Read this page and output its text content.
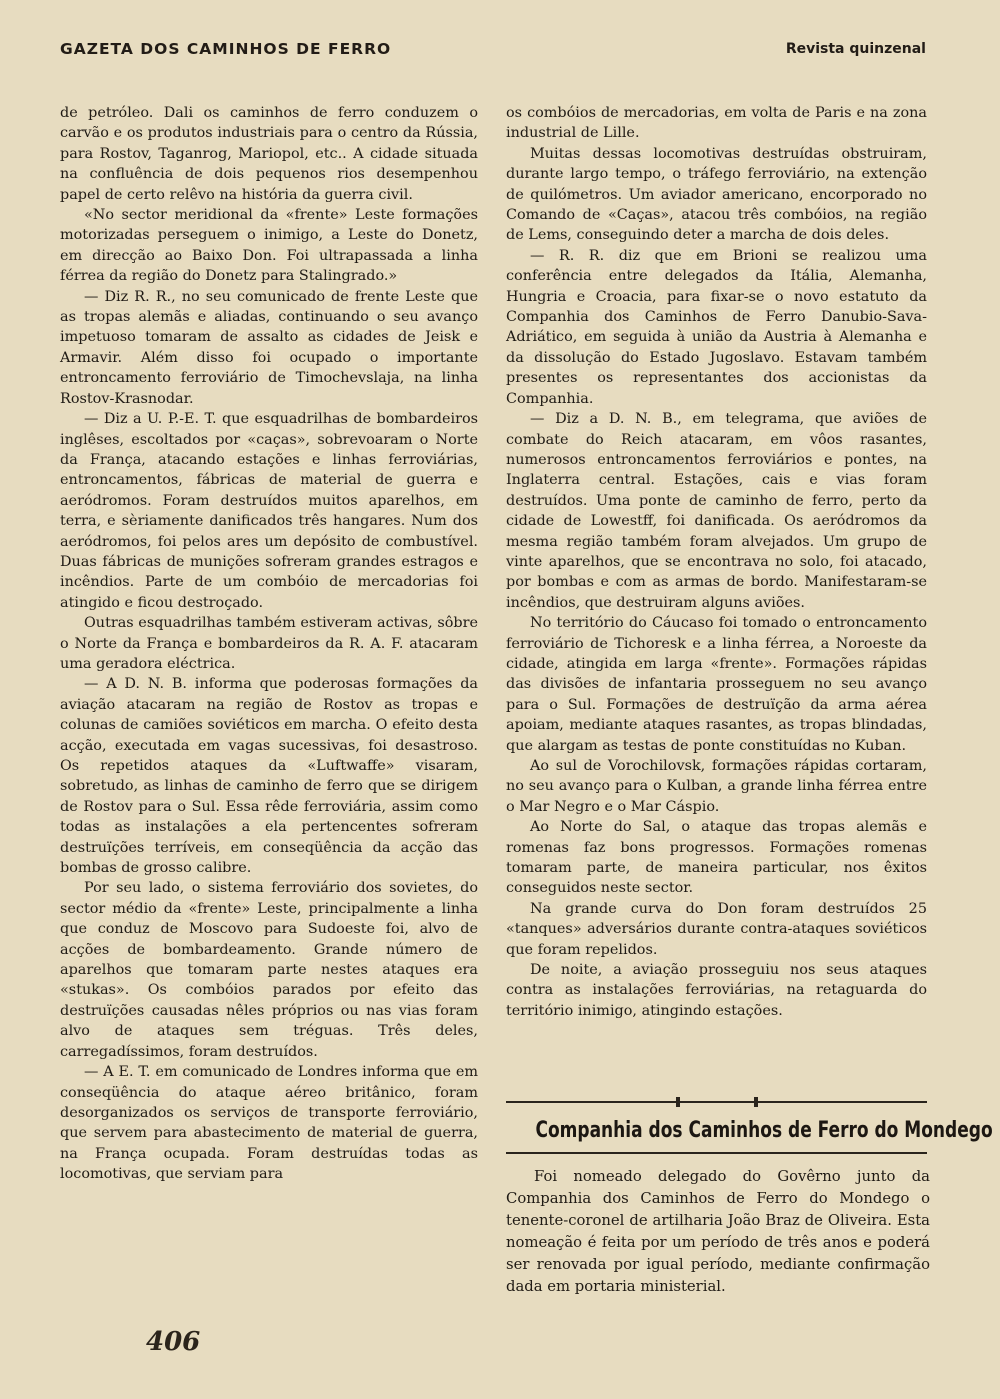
GAZETA DOS CAMINHOS DE FERRO	Revista quinzenal

de petróleo. Dali os caminhos de ferro conduzem o carvão e os produtos industriais para o centro da Rússia, para Rostov, Taganrog, Mariopol, etc.. A cidade situada na confluência de dois pequenos rios desempenhou papel de certo relêvo na história da guerra civil.

«No sector meridional da «frente» Leste formações motorizadas perseguem o inimigo, a Leste do Donetz, em direcção ao Baixo Don. Foi ultrapassada a linha férrea da região do Donetz para Stalingrado.»

— Diz R. R., no seu comunicado de frente Leste que as tropas alemãs e aliadas, continuando o seu avanço impetuoso tomaram de assalto as cidades de Jeisk e Armavir. Além disso foi ocupado o importante entroncamento ferroviário de Timochevslaja, na linha Rostov-Krasnodar.

— Diz a U. P.-E. T. que esquadrilhas de bombardeiros inglêses, escoltados por «caças», sobrevoaram o Norte da França, atacando estações e linhas ferroviárias, entroncamentos, fábricas de material de guerra e aeródromos. Foram destruídos muitos aparelhos, em terra, e sèriamente danificados três hangares. Num dos aeródromos, foi pelos ares um depósito de combustível. Duas fábricas de munições sofreram grandes estragos e incêndios. Parte de um combóio de mercadorias foi atingido e ficou destroçado.

Outras esquadrilhas também estiveram activas, sôbre o Norte da França e bombardeiros da R. A. F. atacaram uma geradora eléctrica.

— A D. N. B. informa que poderosas formações da aviação atacaram na região de Rostov as tropas e colunas de camiões soviéticos em marcha. O efeito desta acção, executada em vagas sucessivas, foi desastroso. Os repetidos ataques da «Luftwaffe» visaram, sobretudo, as linhas de caminho de ferro que se dirigem de Rostov para o Sul. Essa rêde ferroviária, assim como todas as instalações a ela pertencentes sofreram destruïções terríveis, em conseqüência da acção das bombas de grosso calibre.

Por seu lado, o sistema ferroviário dos sovietes, do sector médio da «frente» Leste, principalmente a linha que conduz de Moscovo para Sudoeste foi, alvo de acções de bombardeamento. Grande número de aparelhos que tomaram parte nestes ataques era «stukas». Os combóios parados por efeito das destruïções causadas nêles próprios ou nas vias foram alvo de ataques sem tréguas. Três deles, carregadíssimos, foram destruídos.

— A E. T. em comunicado de Londres informa que em conseqüência do ataque aéreo britânico, foram desorganizados os serviços de transporte ferroviário, que servem para abastecimento de material de guerra, na França ocupada. Foram destruídas todas as locomotivas, que serviam para

os combóios de mercadorias, em volta de Paris e na zona industrial de Lille.

Muitas dessas locomotivas destruídas obstruiram, durante largo tempo, o tráfego ferroviário, na extenção de quilómetros. Um aviador americano, encorporado no Comando de «Caças», atacou três combóios, na região de Lems, conseguindo deter a marcha de dois deles.

— R. R. diz que em Brioni se realizou uma conferência entre delegados da Itália, Alemanha, Hungria e Croacia, para fixar-se o novo estatuto da Companhia dos Caminhos de Ferro Danubio-Sava-Adriático, em seguida à união da Austria à Alemanha e da dissolução do Estado Jugoslavo. Estavam também presentes os representantes dos accionistas da Companhia.

— Diz a D. N. B., em telegrama, que aviões de combate do Reich atacaram, em vôos rasantes, numerosos entroncamentos ferroviários e pontes, na Inglaterra central. Estações, cais e vias foram destruídos. Uma ponte de caminho de ferro, perto da cidade de Lowestff, foi danificada. Os aeródromos da mesma região também foram alvejados. Um grupo de vinte aparelhos, que se encontrava no solo, foi atacado, por bombas e com as armas de bordo. Manifestaram-se incêndios, que destruiram alguns aviões.

No território do Cáucaso foi tomado o entroncamento ferroviário de Tichoresk e a linha férrea, a Noroeste da cidade, atingida em larga «frente». Formações rápidas das divisões de infantaria prosseguem no seu avanço para o Sul. Formações de destruïção da arma aérea apoiam, mediante ataques rasantes, as tropas blindadas, que alargam as testas de ponte constituídas no Kuban.

Ao sul de Vorochilovsk, formações rápidas cortaram, no seu avanço para o Kulban, a grande linha férrea entre o Mar Negro e o Mar Cáspio.

Ao Norte do Sal, o ataque das tropas alemãs e romenas faz bons progressos. Formações romenas tomaram parte, de maneira particular, nos êxitos conseguidos neste sector.

Na grande curva do Don foram destruídos 25 «tanques» adversários durante contra-ataques soviéticos que foram repelidos.

De noite, a aviação prosseguiu nos seus ataques contra as instalações ferroviárias, na retaguarda do território inimigo, atingindo estações.

Companhia dos Caminhos de Ferro do Mondego

Foi nomeado delegado do Govêrno junto da Companhia dos Caminhos de Ferro do Mondego o tenente-coronel de artilharia João Braz de Oliveira. Esta nomeação é feita por um período de três anos e poderá ser renovada por igual período, mediante confirmação dada em portaria ministerial.

406
